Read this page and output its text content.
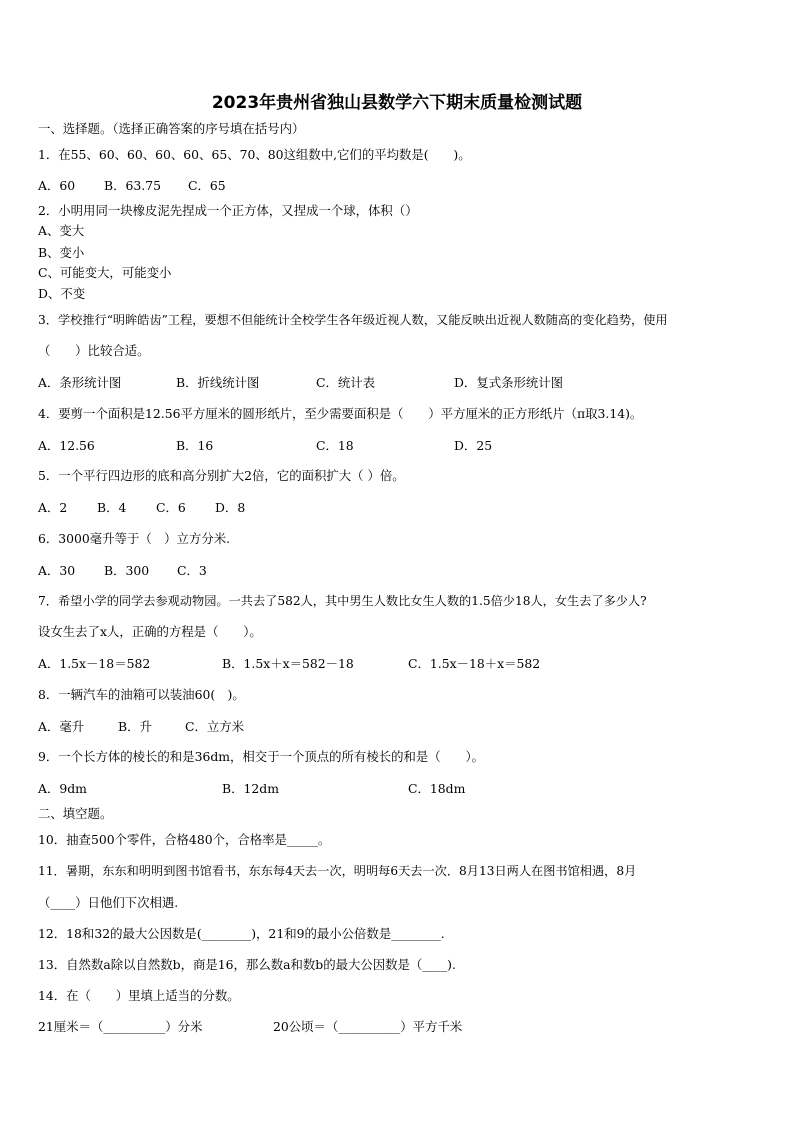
2023年贵州省独山县数学六下期末质量检测试题
一、选择题。（选择正确答案的序号填在括号内）
1．在55、60、60、60、60、65、70、80这组数中,它们的平均数是(　　)。
A．60 B．63.75 C．65
2．小明用同一块橡皮泥先捏成一个正方体，又捏成一个球，体积（）
A、变大
B、变小
C、可能变大，可能变小
D、不变
3．学校推行“明眸皓齿”工程，要想不但能统计全校学生各年级近视人数，又能反映出近视人数随高的变化趋势，使用
（　　）比较合适。
A．条形统计图	B．折线统计图	C．统计表	D．复式条形统计图
4．要剪一个面积是12.56平方厘米的圆形纸片，至少需要面积是（　　）平方厘米的正方形纸片（π取3.14)。
A．12.56	B．16	C．18	D．25
5．一个平行四边形的底和高分别扩大2倍，它的面积扩大（ ）倍。
A．2 B．4 C．6 D．8
6．3000毫升等于（　）立方分米.
A．30 B．300 C．3
7．希望小学的同学去参观动物园。一共去了582人，其中男生人数比女生人数的1.5倍少18人，女生去了多少人?
设女生去了x人，正确的方程是（　　）。
A．1.5x－18＝582	B．1.5x＋x＝582－18	C．1.5x－18＋x＝582
8．一辆汽车的油箱可以装油60(　)。
A．毫升	B．升	C．立方米
9．一个长方体的棱长的和是36dm，相交于一个顶点的所有棱长的和是（　　）。
A．9dm	B．12dm	C．18dm
二、填空题。
10．抽查500个零件，合格480个，合格率是_____。
11．暑期，东东和明明到图书馆看书，东东每4天去一次，明明每6天去一次．8月13日两人在图书馆相遇，8月
（____）日他们下次相遇.
12．18和32的最大公因数是(________)，21和9的最小公倍数是________.
13．自然数a除以自然数b，商是16，那么数a和数b的最大公因数是（____).
14．在（　　）里填上适当的分数。
21厘米＝（__________）分米	20公顷＝（__________）平方千米
